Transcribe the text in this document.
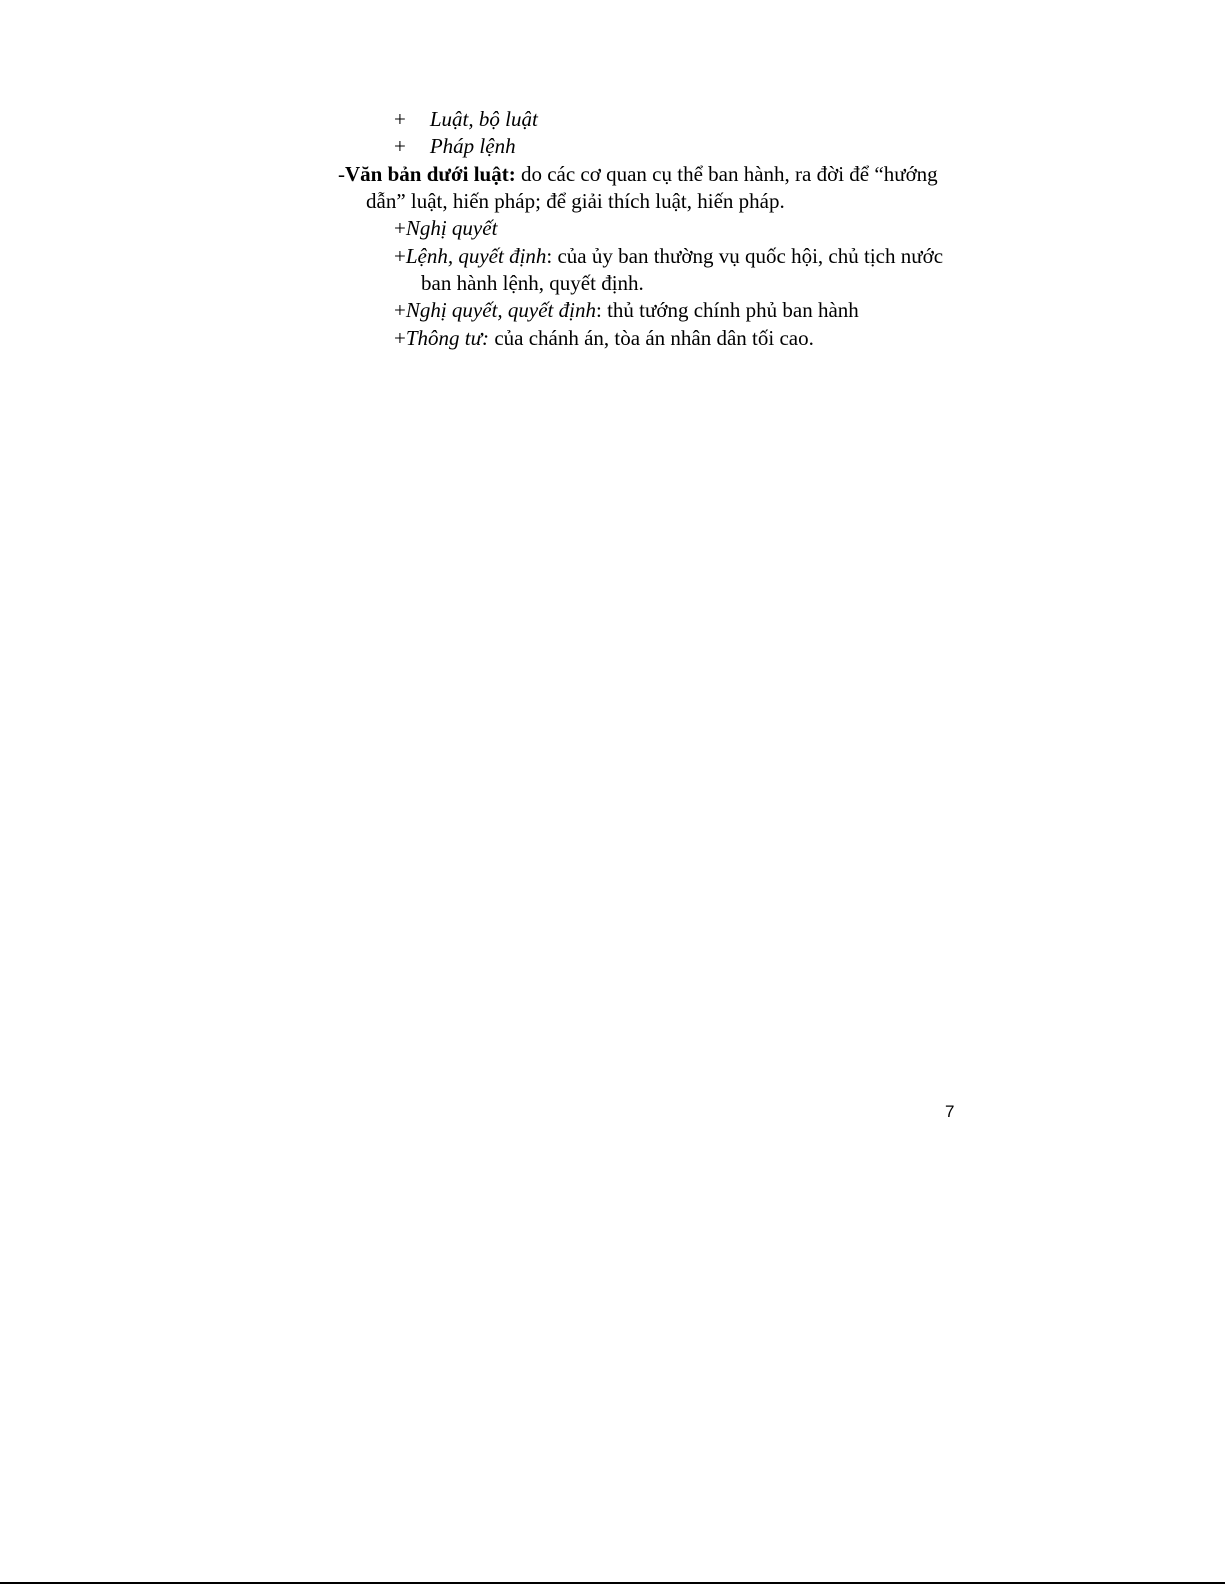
+ Luật, bộ luật
+ Pháp lệnh
-Văn bản dưới luật: do các cơ quan cụ thể ban hành, ra đời để “hướng
dẫn” luật, hiến pháp; để giải thích luật, hiến pháp.
+Nghị quyết
+Lệnh, quyết định: của ủy ban thường vụ quốc hội, chủ tịch nước
ban hành lệnh, quyết định.
+Nghị quyết, quyết định: thủ tướng chính phủ ban hành
+Thông tư: của chánh án, tòa án nhân dân tối cao.
7
